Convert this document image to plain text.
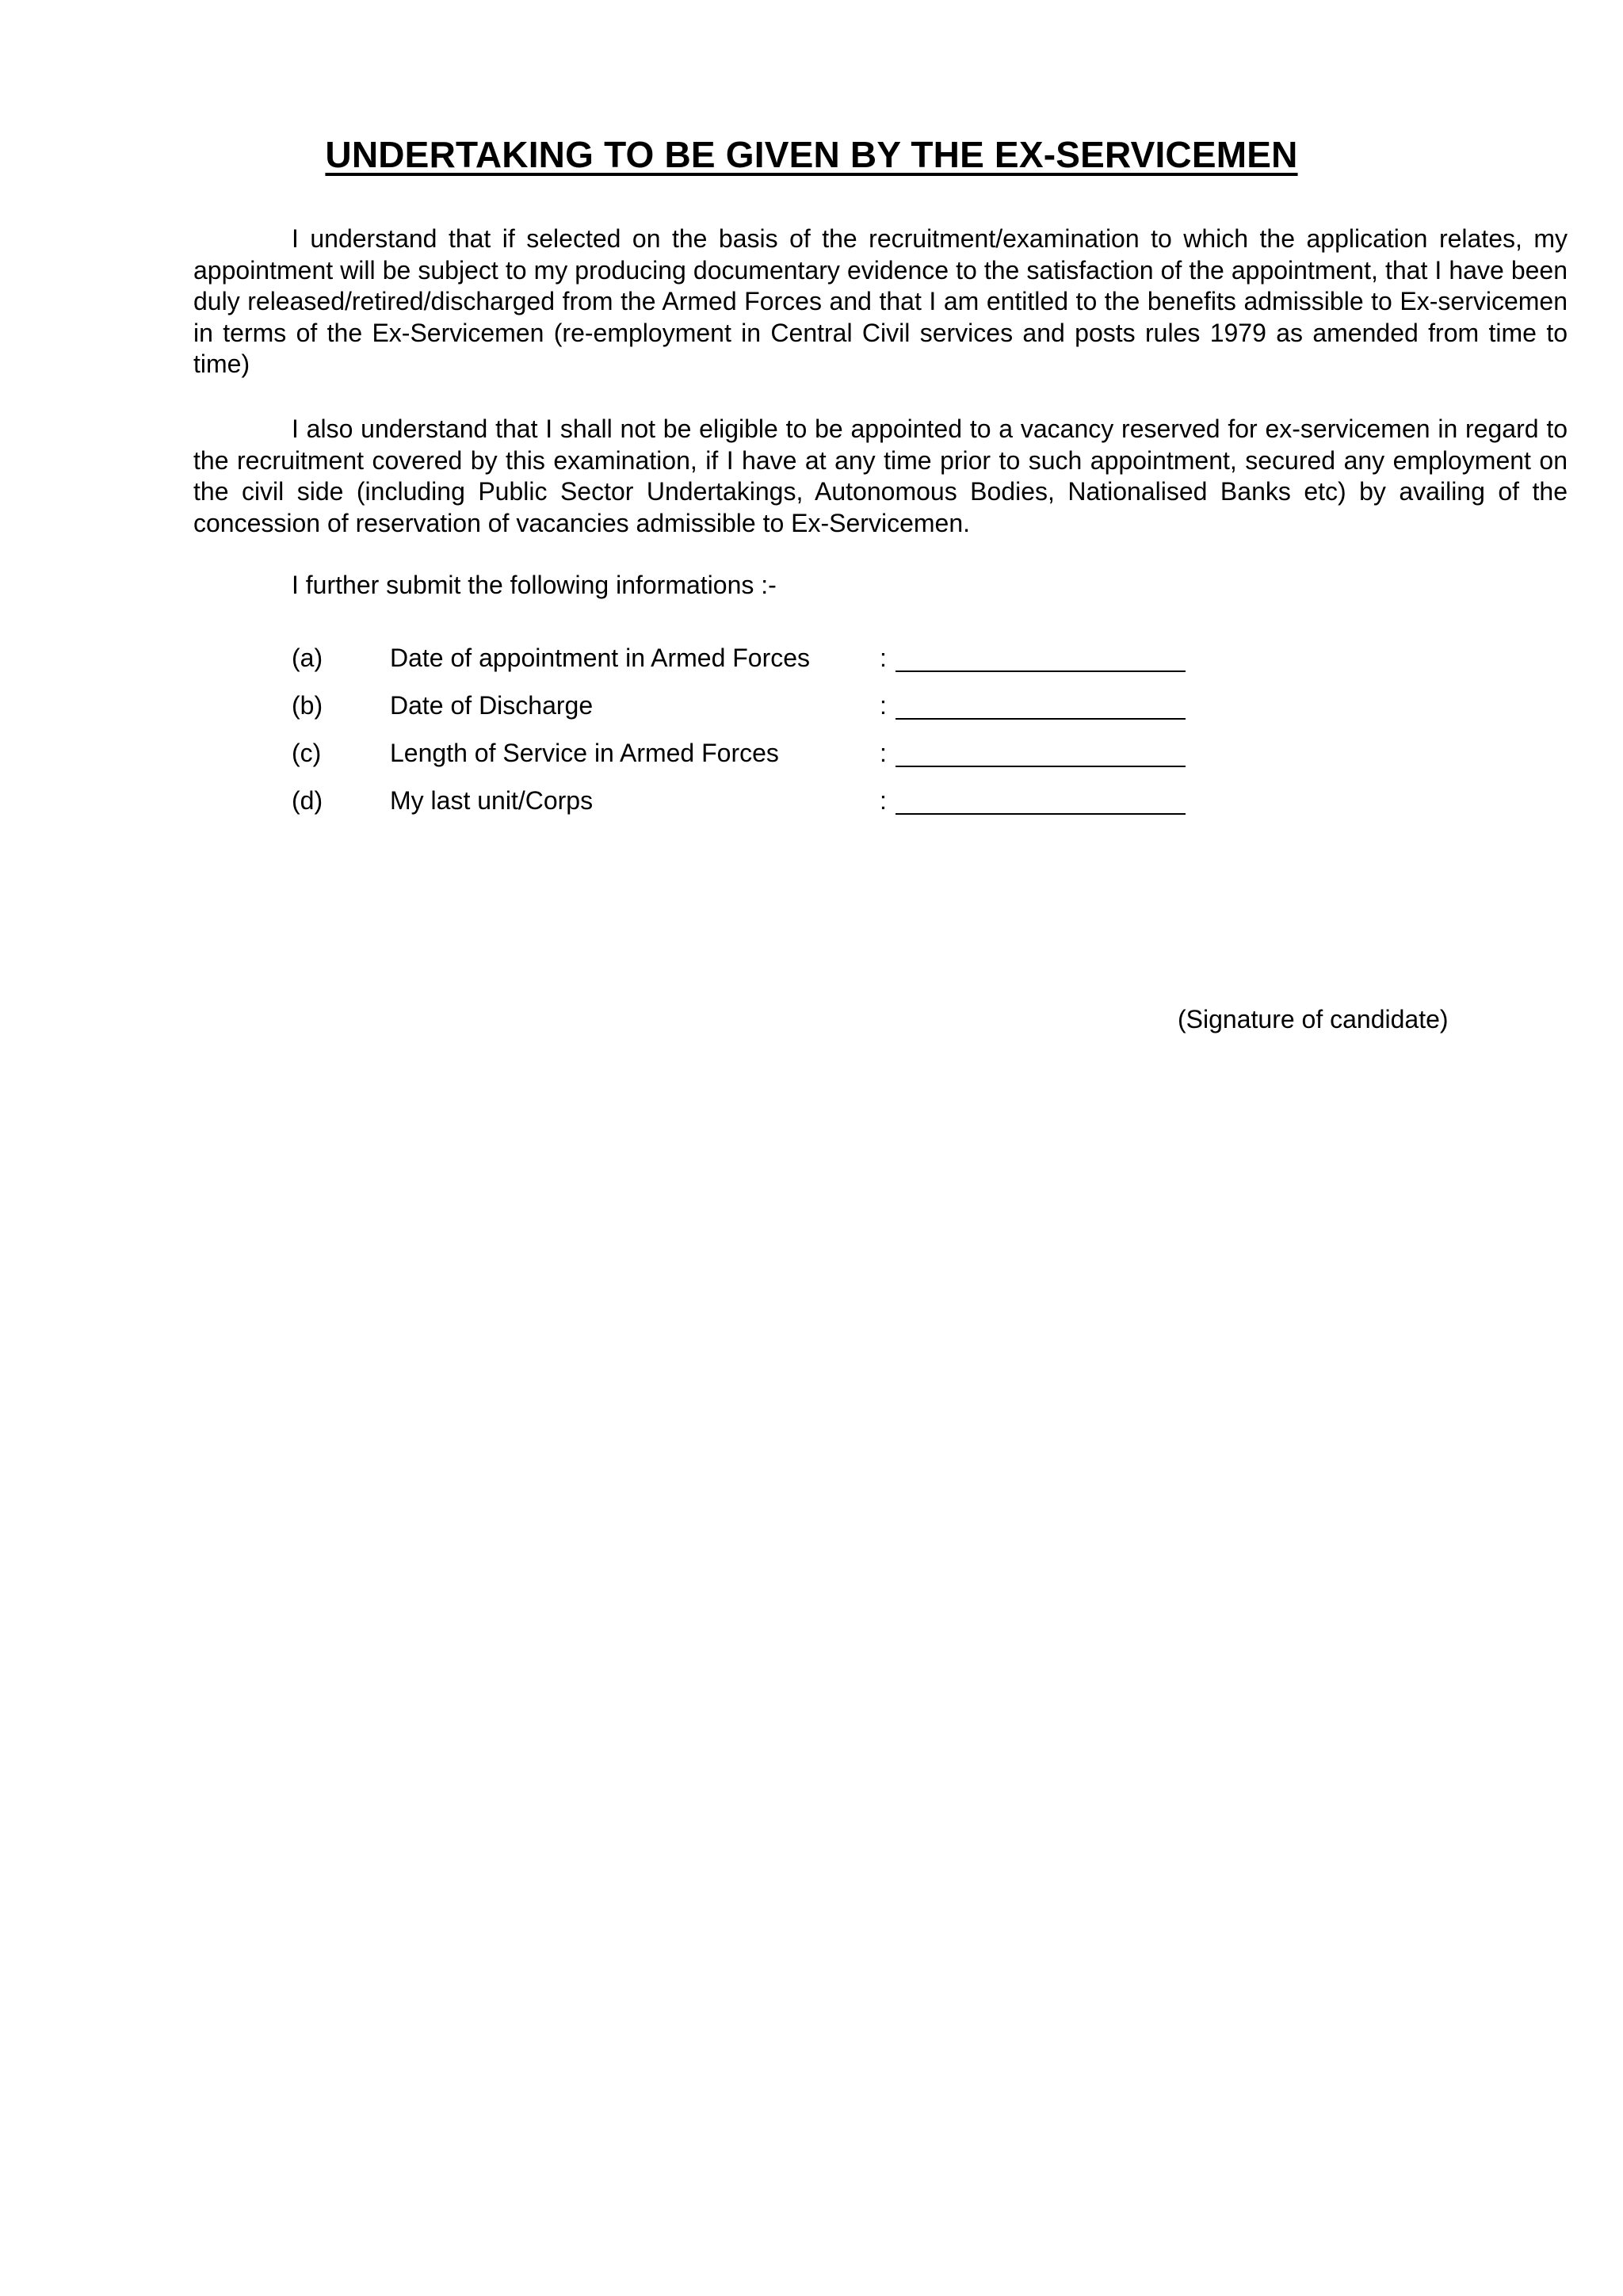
UNDERTAKING TO BE GIVEN BY THE EX-SERVICEMEN

I understand that if selected on the basis of the recruitment/examination to which the application relates, my appointment will be subject to my producing documentary evidence to the satisfaction of the appointment, that I have been duly released/retired/discharged from the Armed Forces and that I am entitled to the benefits admissible to Ex-servicemen in terms of the Ex-Servicemen (re-employment in Central Civil services and posts rules 1979 as amended from time to time)

I also understand that I shall not be eligible to be appointed to a vacancy reserved for ex-servicemen in regard to the recruitment covered by this examination, if I have at any time prior to such appointment, secured any employment on the civil side (including Public Sector Undertakings, Autonomous Bodies, Nationalised Banks etc) by availing of the concession of reservation of vacancies admissible to Ex-Servicemen.

I further submit the following informations :-

(a)	Date of appointment in Armed Forces	:
(b)	Date of Discharge	:
(c)	Length of Service in Armed Forces	:
(d)	My last unit/Corps	:
(Signature of candidate)
